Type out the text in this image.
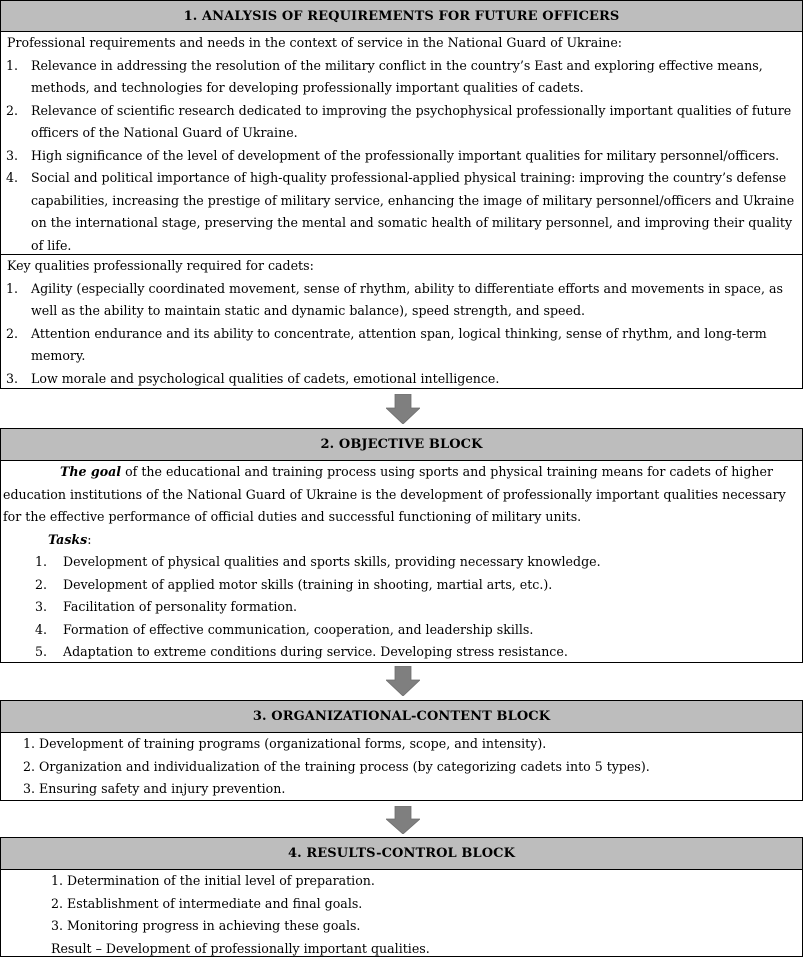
1. ANALYSIS OF REQUIREMENTS FOR FUTURE OFFICERS
Professional requirements and needs in the context of service in the National Guard of Ukraine:
1.	Relevance in addressing the resolution of the military conflict in the country’s East and exploring effective means, methods, and technologies for developing professionally important qualities of cadets.
2.	Relevance of scientific research dedicated to improving the psychophysical professionally important qualities of future officers of the National Guard of Ukraine.
3.	High significance of the level of development of the professionally important qualities for military personnel/officers.
4.	Social and political importance of high-quality professional-applied physical training: improving the country’s defense capabilities, increasing the prestige of military service, enhancing the image of military personnel/officers and Ukraine on the international stage, preserving the mental and somatic health of military personnel, and improving their quality of life.
Key qualities professionally required for cadets:
1.	Agility (especially coordinated movement, sense of rhythm, ability to differentiate efforts and movements in space, as well as the ability to maintain static and dynamic balance), speed strength, and speed.
2.	Attention endurance and its ability to concentrate, attention span, logical thinking, sense of rhythm, and long-term memory.
3.	Low morale and psychological qualities of cadets, emotional intelligence.
2. OBJECTIVE BLOCK

The goal of the educational and training process using sports and physical training means for cadets of higher education institutions of the National Guard of Ukraine is the development of professionally important qualities necessary for the effective performance of official duties and successful functioning of military units.

Tasks:
1.	Development of physical qualities and sports skills, providing necessary knowledge.
2.	Development of applied motor skills (training in shooting, martial arts, etc.).
3.	Facilitation of personality formation.
4.	Formation of effective communication, cooperation, and leadership skills.
5.	Adaptation to extreme conditions during service. Developing stress resistance.
3. ORGANIZATIONAL-CONTENT BLOCK
1. Development of training programs (organizational forms, scope, and intensity).
2. Organization and individualization of the training process (by categorizing cadets into 5 types).
3. Ensuring safety and injury prevention.
4. RESULTS-CONTROL BLOCK
1. Determination of the initial level of preparation.
2. Establishment of intermediate and final goals.
3. Monitoring progress in achieving these goals.
Result – Development of professionally important qualities.
